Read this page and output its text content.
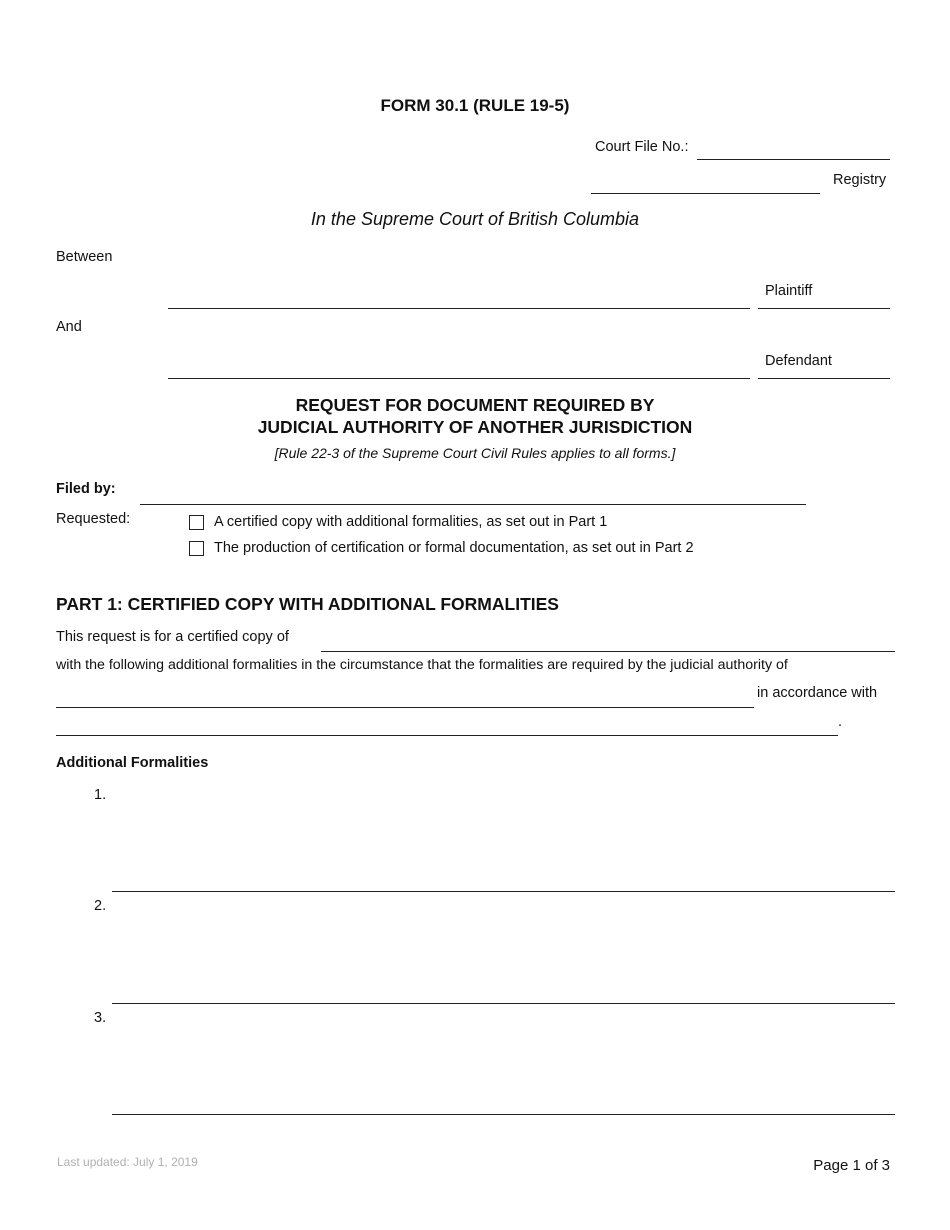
FORM 30.1 (RULE 19-5)
Court File No.:
Registry
In the Supreme Court of British Columbia
Between
Plaintiff
And
Defendant
REQUEST FOR DOCUMENT REQUIRED BY
JUDICIAL AUTHORITY OF ANOTHER JURISDICTION
[Rule 22-3 of the Supreme Court Civil Rules applies to all forms.]
Filed by:
Requested:	A certified copy with additional formalities, as set out in Part 1
The production of certification or formal documentation, as set out in Part 2
PART 1: CERTIFIED COPY WITH ADDITIONAL FORMALITIES
This request is for a certified copy of
with the following additional formalities in the circumstance that the formalities are required by the judicial authority of
in accordance with
.
Additional Formalities
1.
2.
3.
Last updated: July 1, 2019	Page 1 of 3
